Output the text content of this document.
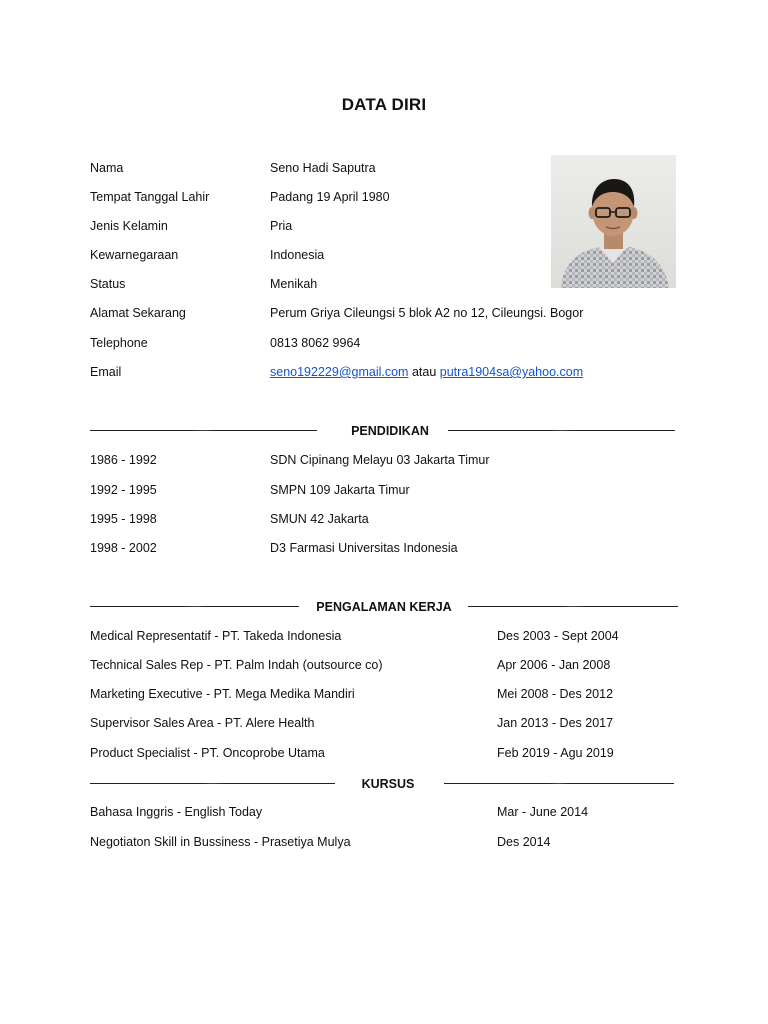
DATA DIRI
Nama	Seno Hadi Saputra
Tempat Tanggal Lahir	Padang 19 April 1980
Jenis Kelamin	Pria
Kewarnegaraan	Indonesia
Status	Menikah
Alamat Sekarang	Perum Griya Cileungsi 5 blok A2 no 12, Cileungsi. Bogor
Telephone	0813 8062 9964
Email	seno192229@gmail.com atau putra1904sa@yahoo.com
PENDIDIKAN
1986 - 1992	SDN Cipinang Melayu 03 Jakarta Timur
1992 - 1995	SMPN 109 Jakarta Timur
1995 - 1998	SMUN 42 Jakarta
1998 - 2002	D3 Farmasi Universitas Indonesia
PENGALAMAN KERJA
Medical Representatif - PT. Takeda Indonesia	Des 2003 - Sept 2004
Technical Sales Rep - PT. Palm Indah (outsource co)	Apr 2006 - Jan 2008
Marketing Executive - PT. Mega Medika Mandiri	Mei 2008 - Des 2012
Supervisor Sales Area - PT. Alere Health	Jan 2013 - Des 2017
Product Specialist - PT. Oncoprobe Utama	Feb 2019 - Agu 2019
KURSUS
Bahasa Inggris - English Today	Mar - June 2014
Negotiaton Skill in Bussiness - Prasetiya Mulya	Des 2014
